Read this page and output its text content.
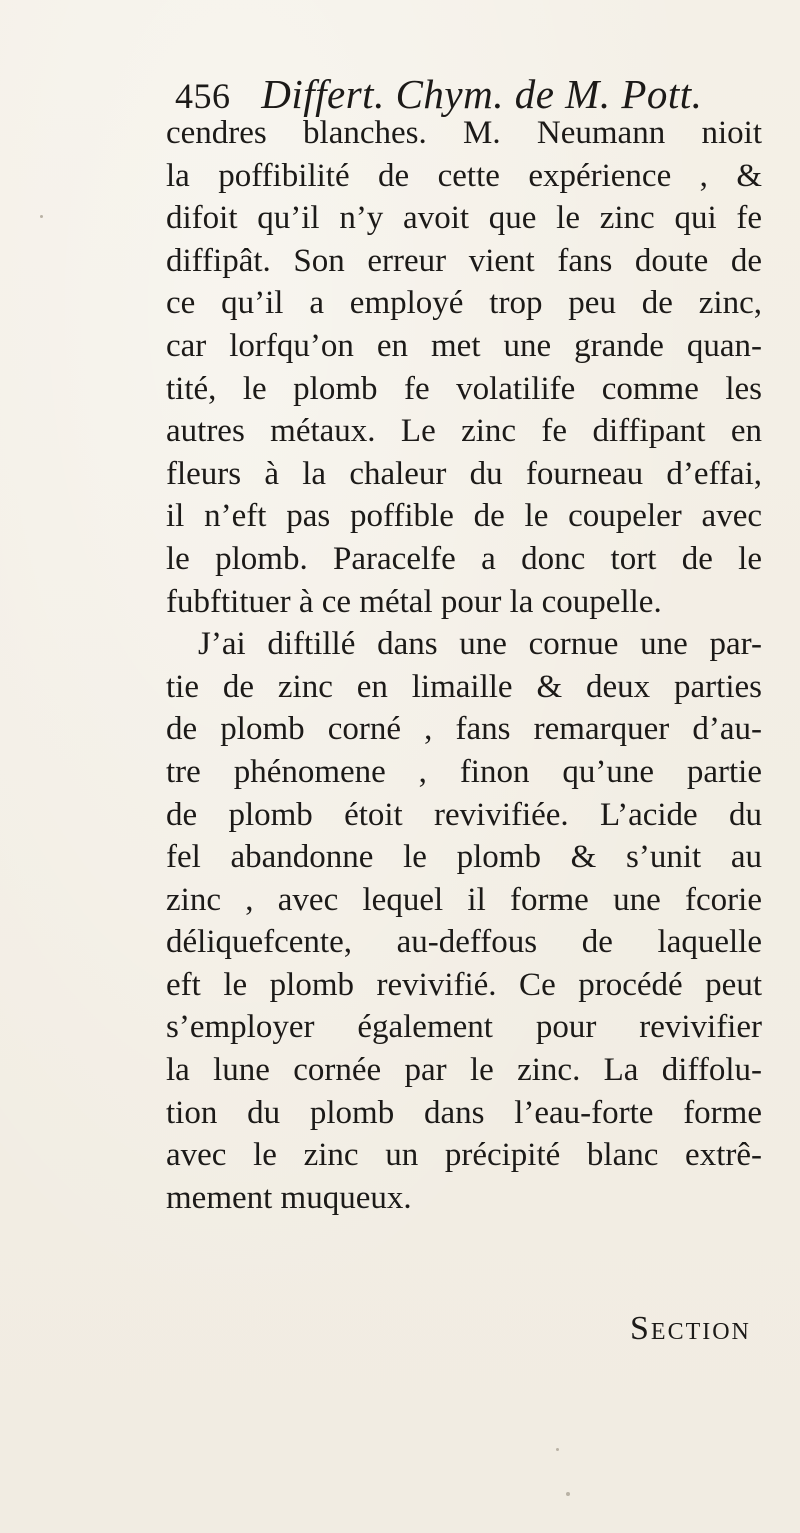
456 Differt. Chym. de M. Pott.
cendres blanches. M. Neumann nioit
la poffibilité de cette expérience , &
difoit qu’il n’y avoit que le zinc qui fe
diffipât. Son erreur vient fans doute de
ce qu’il a employé trop peu de zinc,
car lorfqu’on en met une grande quan-
tité, le plomb fe volatilife comme les
autres métaux. Le zinc fe diffipant en
fleurs à la chaleur du fourneau d’effai,
il n’eft pas poffible de le coupeler avec
le plomb. Paracelfe a donc tort de le
fubftituer à ce métal pour la coupelle.
J’ai diftillé dans une cornue une par-
tie de zinc en limaille & deux parties
de plomb corné , fans remarquer d’au-
tre phénomene , finon qu’une partie
de plomb étoit revivifiée. L’acide du
fel abandonne le plomb & s’unit au
zinc , avec lequel il forme une fcorie
déliquefcente, au-deffous de laquelle
eft le plomb revivifié. Ce procédé peut
s’employer également pour revivifier
la lune cornée par le zinc. La diffolu-
tion du plomb dans l’eau-forte forme
avec le zinc un précipité blanc extrê-
mement muqueux.
Section
